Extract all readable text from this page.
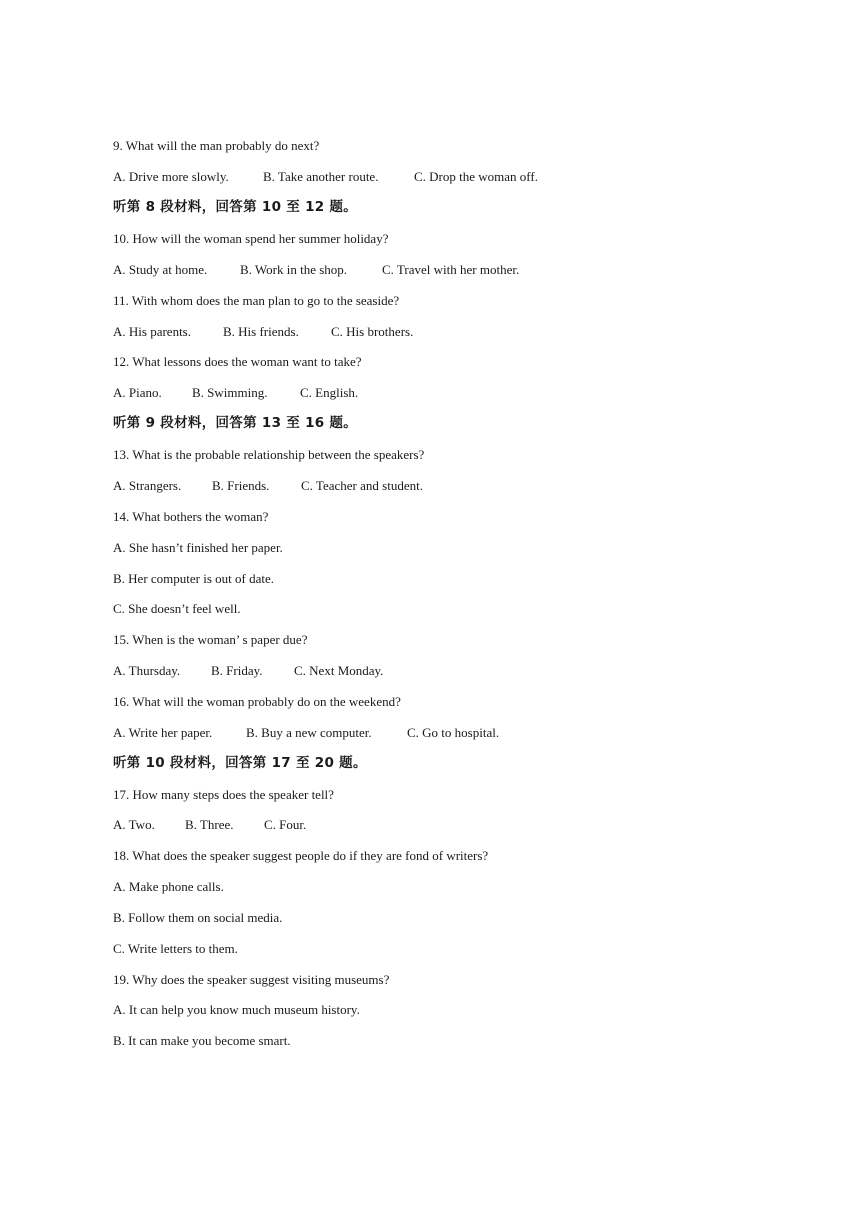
9. What will the man probably do next?
A. Drive more slowly.	B. Take another route.	C. Drop the woman off.
听第 8 段材料，回答第 10 至 12 题。
10. How will the woman spend her summer holiday?
A. Study at home.	B. Work in the shop.	C. Travel with her mother.
11. With whom does the man plan to go to the seaside?
A. His parents. B. His friends. C. His brothers.
12. What lessons does the woman want to take?
A. Piano. B. Swimming.	C. English.
听第 9 段材料，回答第 13 至 16 题。
13. What is the probable relationship between the speakers?
A. Strangers. B. Friends. C. Teacher and student.
14. What bothers the woman?
A. She hasn’t finished her paper.
B. Her computer is out of date.
C. She doesn’t feel well.
15. When is the woman’ s paper due?
A. Thursday. B. Friday. C. Next Monday.
16. What will the woman probably do on the weekend?
A. Write her paper.	B. Buy a new computer.	C. Go to hospital.
听第 10 段材料，回答第 17 至 20 题。
17. How many steps does the speaker tell?
A. Two. B. Three. C. Four.
18. What does the speaker suggest people do if they are fond of writers?
A. Make phone calls.
B. Follow them on social media.
C. Write letters to them.
19. Why does the speaker suggest visiting museums?
A. It can help you know much museum history.
B. It can make you become smart.
